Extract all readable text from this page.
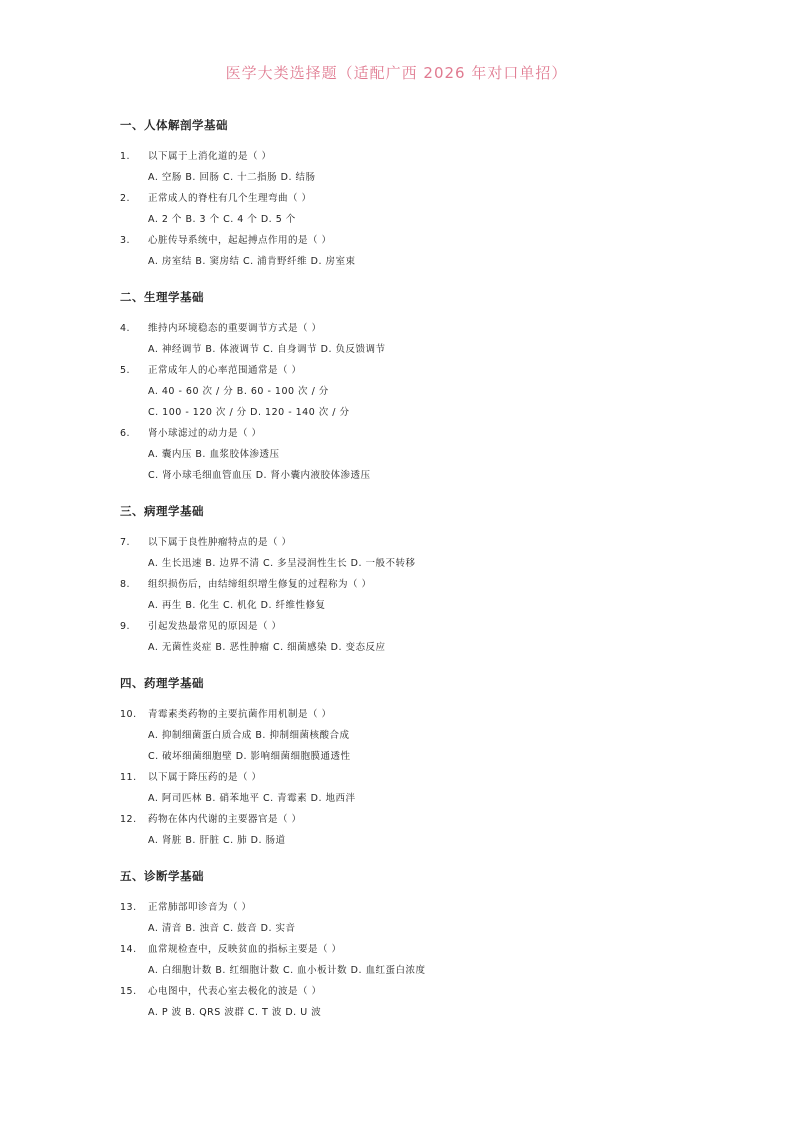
医学大类选择题（适配广西 2026 年对口单招）
一、人体解剖学基础
1.	以下属于上消化道的是（ ）
A. 空肠 B. 回肠 C. 十二指肠 D. 结肠
2.	正常成人的脊柱有几个生理弯曲（ ）
A. 2 个 B. 3 个 C. 4 个 D. 5 个
3.	心脏传导系统中，起起搏点作用的是（ ）
A. 房室结 B. 窦房结 C. 浦肯野纤维 D. 房室束
二、生理学基础
4.	维持内环境稳态的重要调节方式是（ ）
A. 神经调节 B. 体液调节 C. 自身调节 D. 负反馈调节
5.	正常成年人的心率范围通常是（ ）
A. 40 - 60 次 / 分 B. 60 - 100 次 / 分
C. 100 - 120 次 / 分 D. 120 - 140 次 / 分
6.	肾小球滤过的动力是（ ）
A. 囊内压 B. 血浆胶体渗透压
C. 肾小球毛细血管血压 D. 肾小囊内液胶体渗透压
三、病理学基础
7.	以下属于良性肿瘤特点的是（ ）
A. 生长迅速 B. 边界不清 C. 多呈浸润性生长 D. 一般不转移
8.	组织损伤后，由结缔组织增生修复的过程称为（ ）
A. 再生 B. 化生 C. 机化 D. 纤维性修复
9.	引起发热最常见的原因是（ ）
A. 无菌性炎症 B. 恶性肿瘤 C. 细菌感染 D. 变态反应
四、药理学基础
10.	青霉素类药物的主要抗菌作用机制是（ ）
A. 抑制细菌蛋白质合成 B. 抑制细菌核酸合成
C. 破坏细菌细胞壁 D. 影响细菌细胞膜通透性
11.	以下属于降压药的是（ ）
A. 阿司匹林 B. 硝苯地平 C. 青霉素 D. 地西泮
12.	药物在体内代谢的主要器官是（ ）
A. 肾脏 B. 肝脏 C. 肺 D. 肠道
五、诊断学基础
13.	正常肺部叩诊音为（ ）
A. 清音 B. 浊音 C. 鼓音 D. 实音
14.	血常规检查中，反映贫血的指标主要是（ ）
A. 白细胞计数 B. 红细胞计数 C. 血小板计数 D. 血红蛋白浓度
15.	心电图中，代表心室去极化的波是（ ）
A. P 波 B. QRS 波群 C. T 波 D. U 波
